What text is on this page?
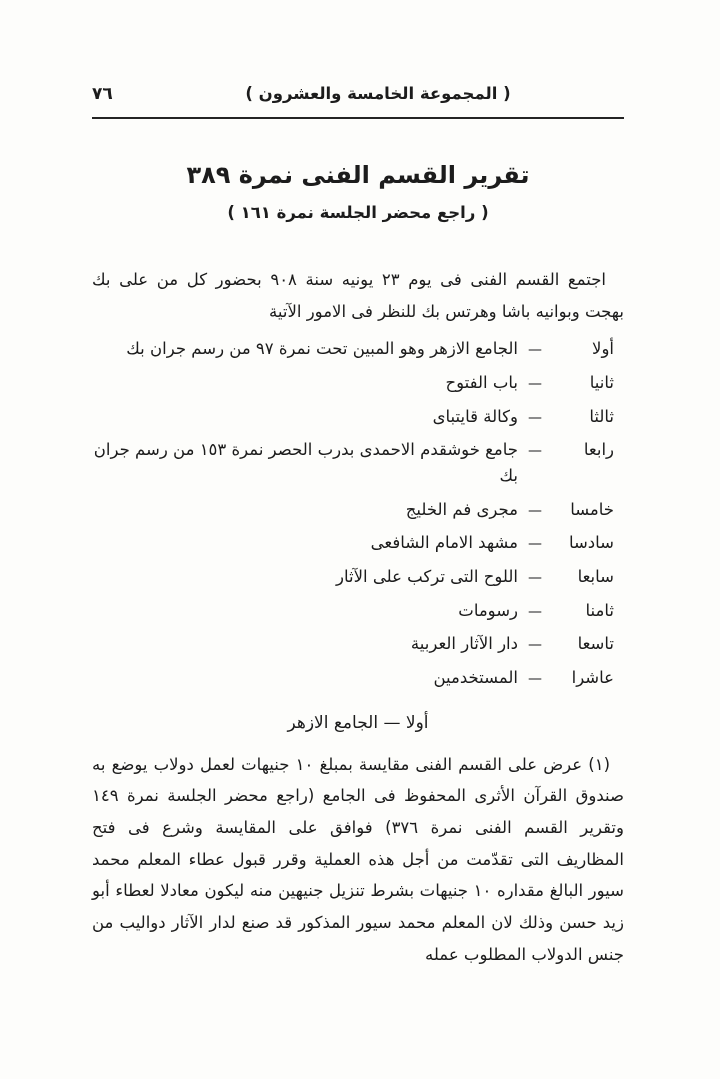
( المجموعة الخامسة والعشرون )
٧٦
تقرير القسم الفنى نمرة ٣٨٩
( راجع محضر الجلسة نمرة ١٦١ )

اجتمع القسم الفنى فى يوم ٢٣ يونيه سنة ٩٠٨ بحضور كل من على بك بهجت وبوانيه باشا وهرتس بك للنظر فى الامور الآتية

أولا
—
الجامع الازهر وهو المبين تحت نمرة ٩٧ من رسم جران بك
ثانيا
—
باب الفتوح
ثالثا
—
وكالة قايتباى
رابعا
—
جامع خوشقدم الاحمدى بدرب الحصر نمرة ١٥٣ من رسم جران بك
خامسا
—
مجرى فم الخليج
سادسا
—
مشهد الامام الشافعى
سابعا
—
اللوح التى تركب على الآثار
ثامنا
—
رسومات
تاسعا
—
دار الآثار العربية
عاشرا
—
المستخدمين
أولا — الجامع الازهر

(١) عرض على القسم الفنى مقايسة بمبلغ ١٠ جنيهات لعمل دولاب يوضع به صندوق القرآن الأثرى المحفوظ فى الجامع (راجع محضر الجلسة نمرة ١٤٩ وتقرير القسم الفنى نمرة ٣٧٦) فوافق على المقايسة وشرع فى فتح المظاريف التى تقدّمت من أجل هذه العملية وقرر قبول عطاء المعلم محمد سيور البالغ مقداره ١٠ جنيهات بشرط تنزيل جنيهين منه ليكون معادلا لعطاء أبو زيد حسن وذلك لان المعلم محمد سيور المذكور قد صنع لدار الآثار دواليب من جنس الدولاب المطلوب عمله
